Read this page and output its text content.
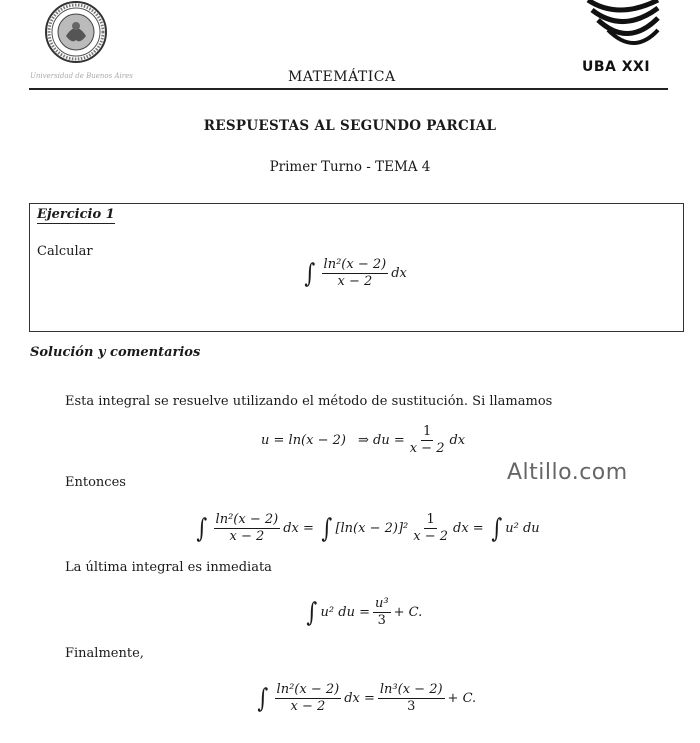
Universidad de Buenos Aires
UBA XXI
MATEMÁTICA
RESPUESTAS AL SEGUNDO PARCIAL
Primer Turno - TEMA 4
Ejercicio 1
Calcular
∫ $\frac{\text{ln²(x − 2)}}{x - 2}$ dx
Solución y comentarios
Esta integral se resuelve utilizando el método de sustitución. Si llamamos
u = ln(x − 2) ⇒ du = $\frac{1}{x - 2}$ dx
Altillo.com
Entonces
∫ $\frac{\text{ln²(x − 2)}}{x - 2}$ dx = ∫ $[\ln(x - 2)]^2 \frac{1}{x - 2}$ dx = ∫ u² du
La última integral es inmediata
∫ u² du = $\frac{\text{u³}}{3} + C$.
Finalmente,
∫ $\frac{\text{ln²(x − 2)}}{x - 2}$ dx = $\frac{\text{ln³(x − 2)}}{3} + C$.
